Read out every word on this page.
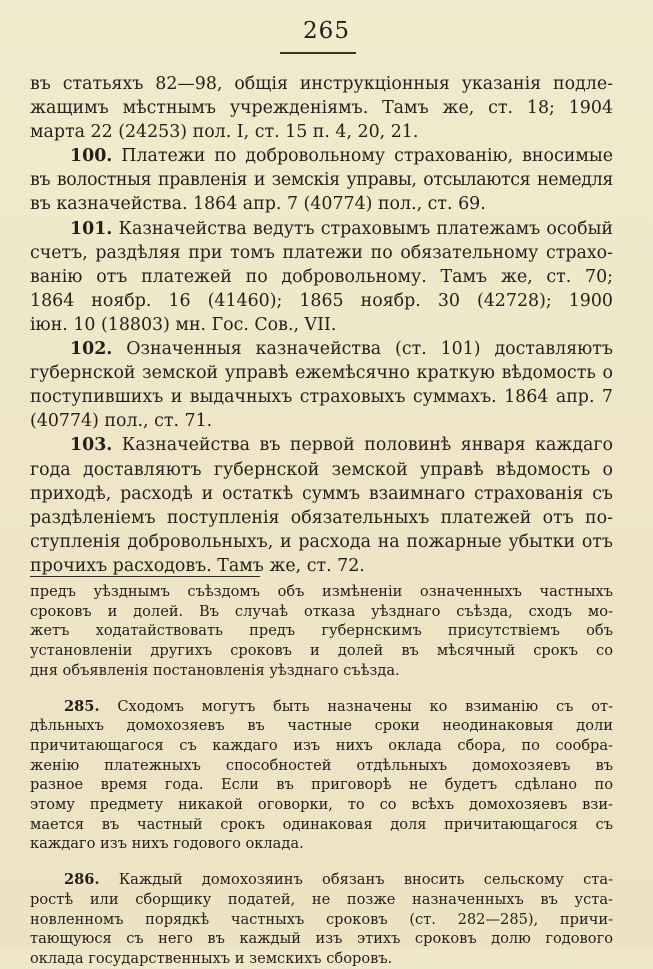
265
въ статьяхъ 82—98, общія инструкціонныя указанія подле-
жащимъ мѣстнымъ учрежденіямъ. Тамъ же, ст. 18; 1904
марта 22 (24253) пол. I, ст. 15 п. 4, 20, 21.
100. Платежи по добровольному страхованію, вносимые
въ волостныя правленія и земскія управы, отсылаются немедля
въ казначейства. 1864 апр. 7 (40774) пол., ст. 69.
101. Казначейства ведутъ страховымъ платежамъ особый
счетъ, раздѣляя при томъ платежи по обязательному страхо-
ванію отъ платежей по добровольному. Тамъ же, ст. 70;
1864 ноябр. 16 (41460); 1865 ноябр. 30 (42728); 1900
іюн. 10 (18803) мн. Гос. Сов., VII.
102. Означенныя казначейства (ст. 101) доставляютъ
губернской земской управѣ ежемѣсячно краткую вѣдомость о
поступившихъ и выдачныхъ страховыхъ суммахъ. 1864 апр. 7
(40774) пол., ст. 71.
103. Казначейства въ первой половинѣ января каждаго
года доставляютъ губернской земской управѣ вѣдомость о
приходѣ, расходѣ и остаткѣ суммъ взаимнаго страхованія съ
раздѣленіемъ поступленія обязательныхъ платежей отъ по-
ступленія добровольныхъ, и расхода на пожарные убытки отъ
прочихъ расходовъ. Тамъ же, ст. 72.
предъ уѣзднымъ съѣздомъ объ измѣненіи означенныхъ частныхъ
сроковъ и долей. Въ случаѣ отказа уѣзднаго съѣзда, сходъ мо-
жетъ ходатайствовать предъ губернскимъ присутствіемъ объ
установленіи другихъ сроковъ и долей въ мѣсячный срокъ со
дня объявленія постановленія уѣзднаго съѣзда.
285. Сходомъ могутъ быть назначены ко взиманію съ от-
дѣльныхъ домохозяевъ въ частные сроки неодинаковыя доли
причитающагося съ каждаго изъ нихъ оклада сбора, по сообра-
женію платежныхъ способностей отдѣльныхъ домохозяевъ въ
разное время года. Если въ приговорѣ не будетъ сдѣлано по
этому предмету никакой оговорки, то со всѣхъ домохозяевъ взи-
мается въ частный срокъ одинаковая доля причитающагося съ
каждаго изъ нихъ годового оклада.
286. Каждый домохозяинъ обязанъ вносить сельскому ста-
ростѣ или сборщику податей, не позже назначенныхъ въ уста-
новленномъ порядкѣ частныхъ сроковъ (ст. 282—285), причи-
тающуюся съ него въ каждый изъ этихъ сроковъ долю годового
оклада государственныхъ и земскихъ сборовъ.
